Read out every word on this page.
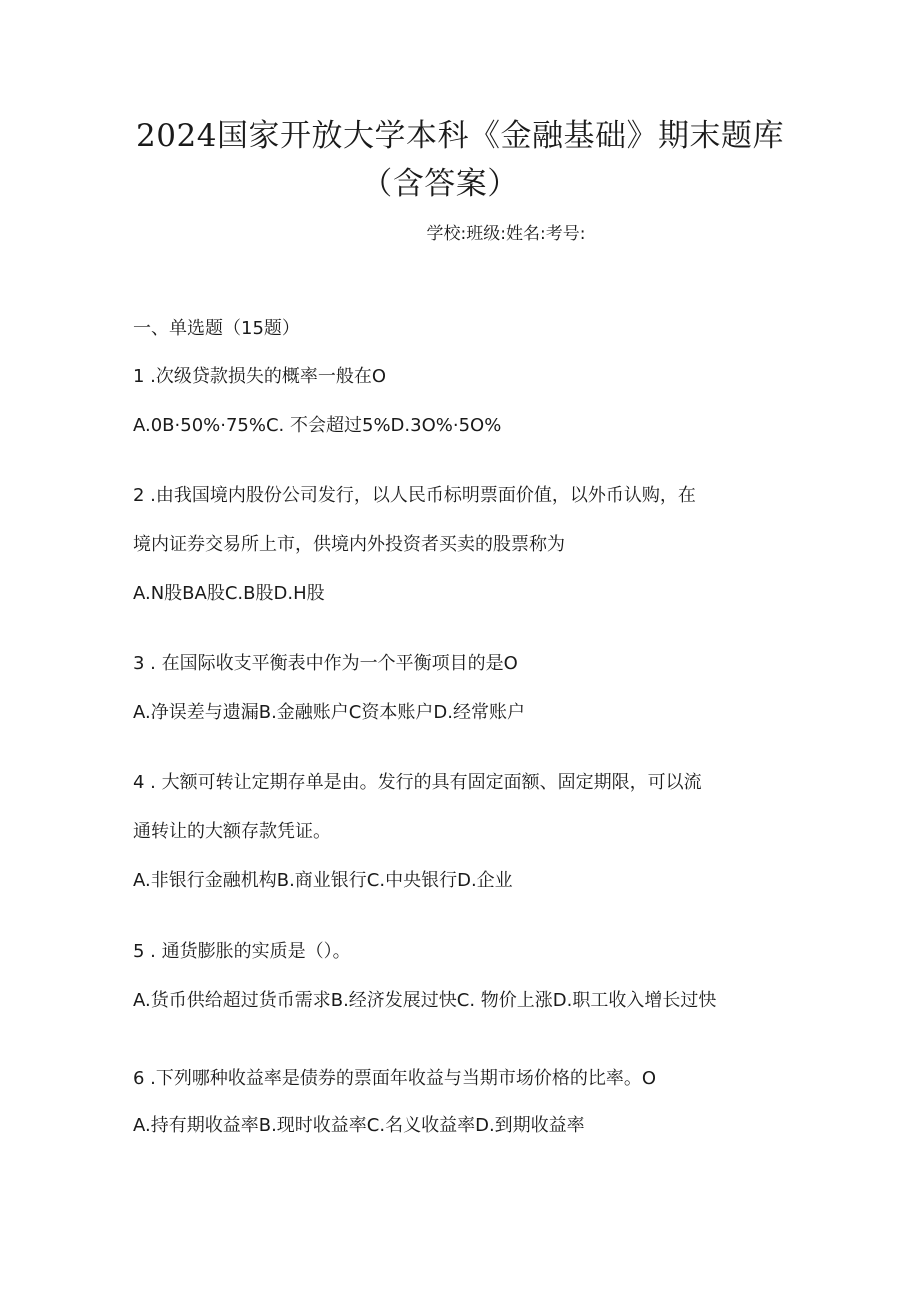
2024国家开放大学本科《金融基础》期末题库
（含答案）
学校:班级:姓名:考号:
一、单选题（15题）
1 .次级贷款损失的概率一般在O
A.0B·50%·75%C. 不会超过5%D.3O%·5O%
2 .由我国境内股份公司发行，以人民币标明票面价值，以外币认购，在
境内证券交易所上市，供境内外投资者买卖的股票称为
A.N股BA股C.B股D.H股
3 . 在国际收支平衡表中作为一个平衡项目的是O
A.净误差与遗漏B.金融账户C资本账户D.经常账户
4 . 大额可转让定期存单是由。发行的具有固定面额、固定期限，可以流
通转让的大额存款凭证。
A.非银行金融机构B.商业银行C.中央银行D.企业
5 . 通货膨胀的实质是（）。
A.货币供给超过货币需求B.经济发展过快C. 物价上涨D.职工收入增长过快
6 .下列哪种收益率是债券的票面年收益与当期市场价格的比率。O
A.持有期收益率B.现时收益率C.名义收益率D.到期收益率
